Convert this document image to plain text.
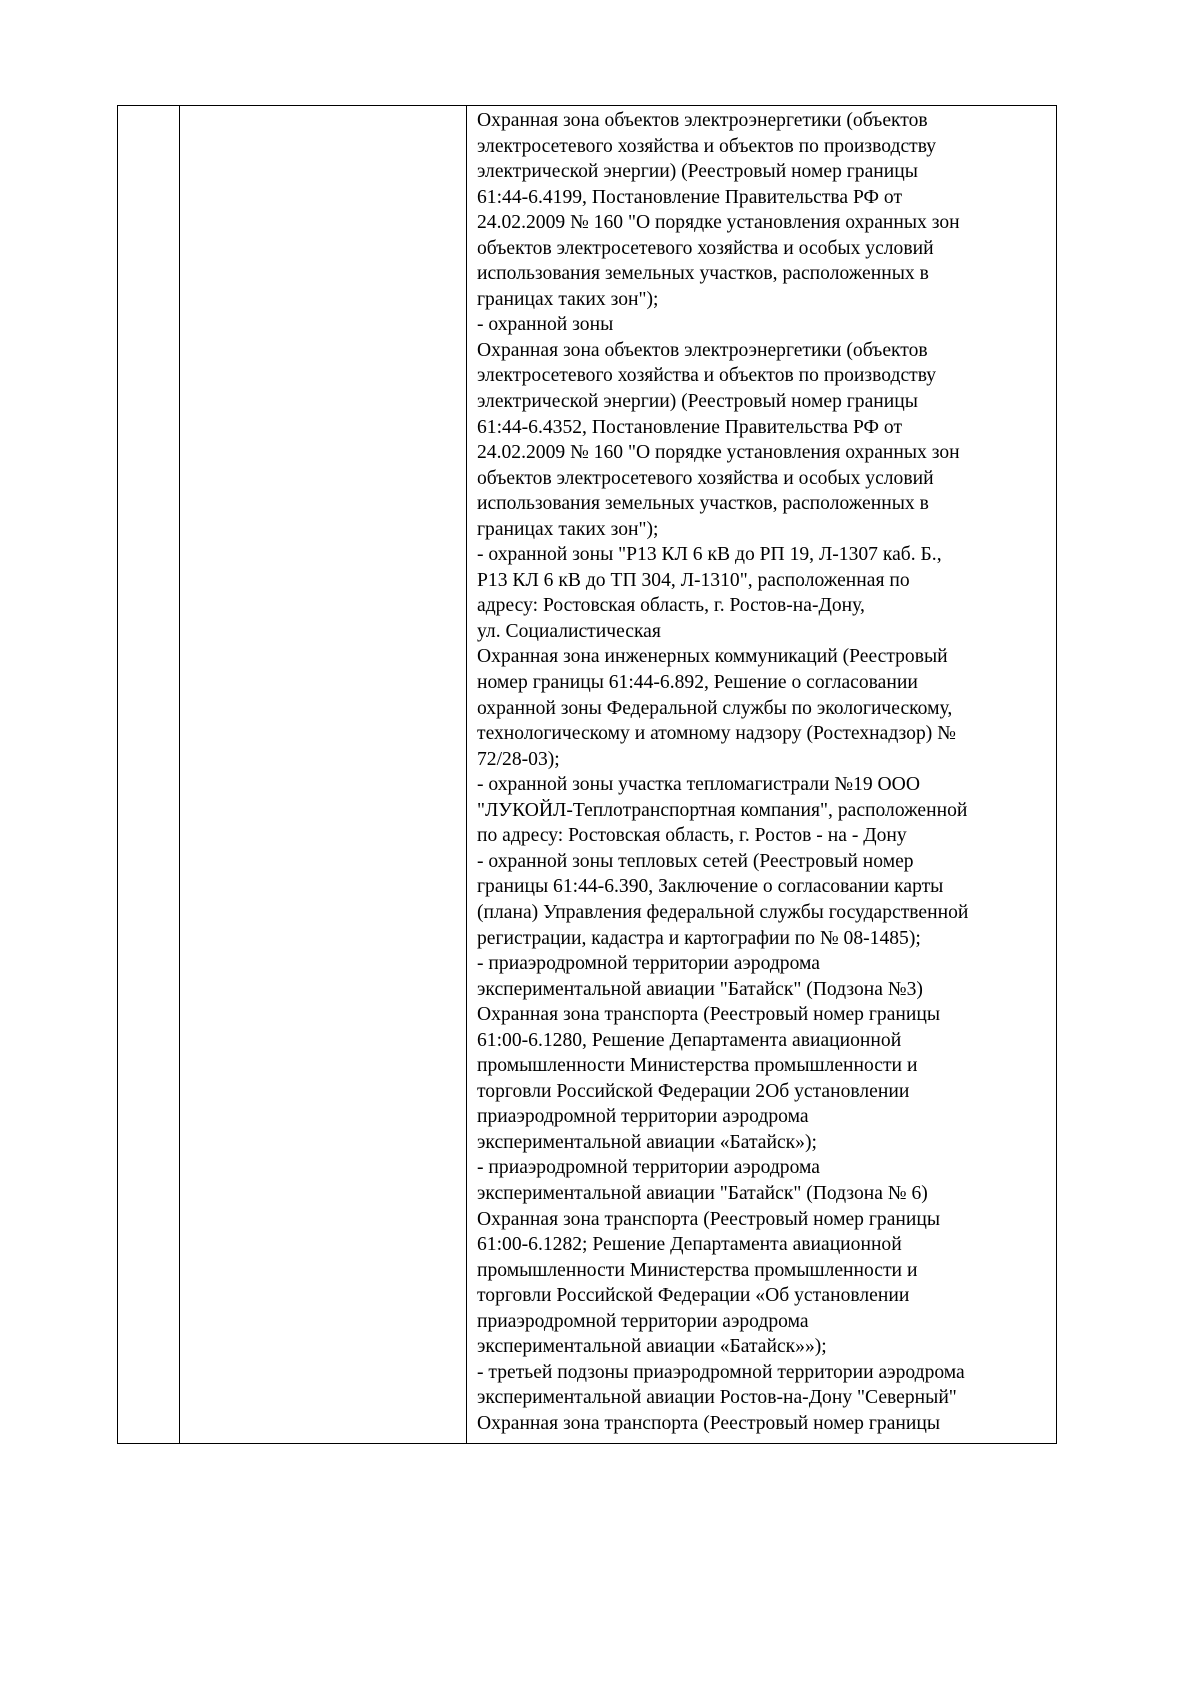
Охранная зона объектов электроэнергетики (объектов
электросетевого хозяйства и объектов по производству
электрической энергии) (Реестровый номер границы
61:44-6.4199, Постановление Правительства РФ от
24.02.2009 № 160 "О порядке установления охранных зон
объектов электросетевого хозяйства и особых условий
использования земельных участков, расположенных в
границах таких зон");
- охранной зоны
Охранная зона объектов электроэнергетики (объектов
электросетевого хозяйства и объектов по производству
электрической энергии) (Реестровый номер границы
61:44-6.4352, Постановление Правительства РФ от
24.02.2009 № 160 "О порядке установления охранных зон
объектов электросетевого хозяйства и особых условий
использования земельных участков, расположенных в
границах таких зон");
- охранной зоны "Р13 КЛ 6 кВ до РП 19, Л-1307 каб. Б.,
Р13 КЛ 6 кВ до ТП 304, Л-1310", расположенная по
адресу: Ростовская область, г. Ростов-на-Дону,
ул. Социалистическая
Охранная зона инженерных коммуникаций (Реестровый
номер границы 61:44-6.892, Решение о согласовании
охранной зоны Федеральной службы по экологическому,
технологическому и атомному надзору (Ростехнадзор) №
72/28-03);
- охранной зоны участка тепломагистрали №19 ООО
"ЛУКОЙЛ-Теплотранспортная компания", расположенной
по адресу: Ростовская область, г. Ростов - на - Дону
- охранной зоны тепловых сетей (Реестровый номер
границы 61:44-6.390, Заключение о согласовании карты
(плана) Управления федеральной службы государственной
регистрации, кадастра и картографии по № 08-1485);
- приаэродромной территории аэродрома
экспериментальной авиации "Батайск" (Подзона №3)
Охранная зона транспорта (Реестровый номер границы
61:00-6.1280, Решение Департамента авиационной
промышленности Министерства промышленности и
торговли Российской Федерации 2Об установлении
приаэродромной территории аэродрома
экспериментальной авиации «Батайск»);
- приаэродромной территории аэродрома
экспериментальной авиации "Батайск" (Подзона № 6)
Охранная зона транспорта (Реестровый номер границы
61:00-6.1282; Решение Департамента авиационной
промышленности Министерства промышленности и
торговли Российской Федерации «Об установлении
приаэродромной территории аэродрома
экспериментальной авиации «Батайск»»);
- третьей подзоны приаэродромной территории аэродрома
экспериментальной авиации Ростов-на-Дону "Северный"
Охранная зона транспорта (Реестровый номер границы
